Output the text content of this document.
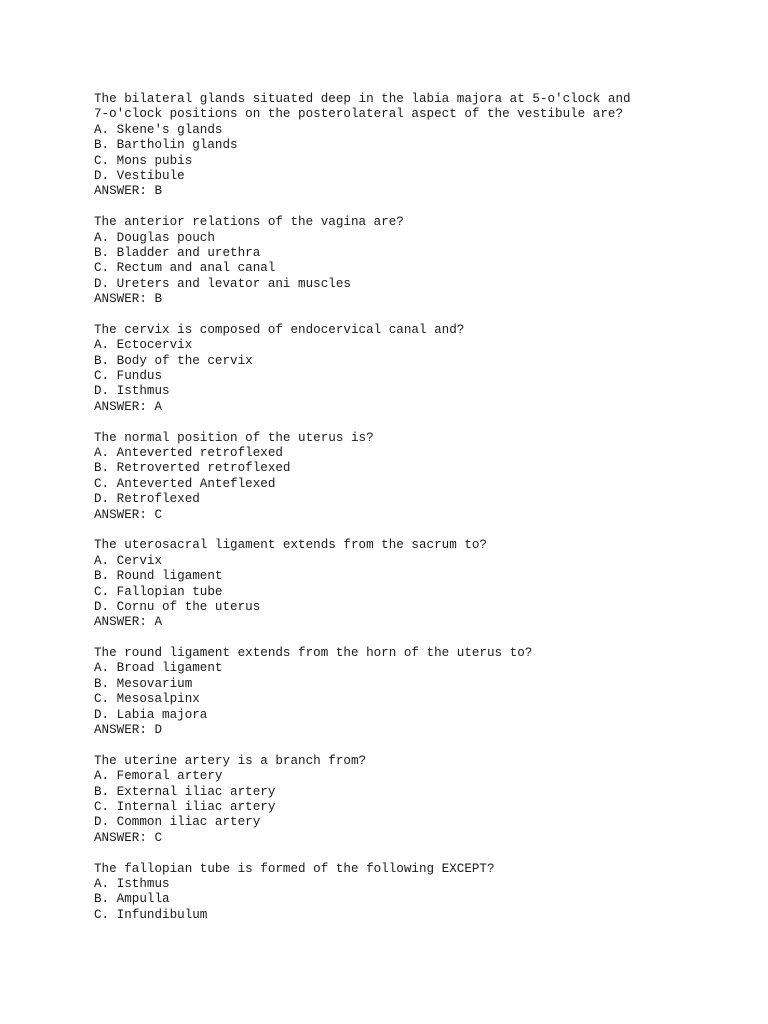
The bilateral glands situated deep in the labia majora at 5-o'clock and
7-o'clock positions on the posterolateral aspect of the vestibule are?
A. Skene's glands
B. Bartholin glands
C. Mons pubis
D. Vestibule
ANSWER: B
The anterior relations of the vagina are?
A. Douglas pouch
B. Bladder and urethra
C. Rectum and anal canal
D. Ureters and levator ani muscles
ANSWER: B
The cervix is composed of endocervical canal and?
A. Ectocervix
B. Body of the cervix
C. Fundus
D. Isthmus
ANSWER: A
The normal position of the uterus is?
A. Anteverted retroflexed
B. Retroverted retroflexed
C. Anteverted Anteflexed
D. Retroflexed
ANSWER: C
The uterosacral ligament extends from the sacrum to?
A. Cervix
B. Round ligament
C. Fallopian tube
D. Cornu of the uterus
ANSWER: A
The round ligament extends from the horn of the uterus to?
A. Broad ligament
B. Mesovarium
C. Mesosalpinx
D. Labia majora
ANSWER: D
The uterine artery is a branch from?
A. Femoral artery
B. External iliac artery
C. Internal iliac artery
D. Common iliac artery
ANSWER: C
The fallopian tube is formed of the following EXCEPT?
A. Isthmus
B. Ampulla
C. Infundibulum
